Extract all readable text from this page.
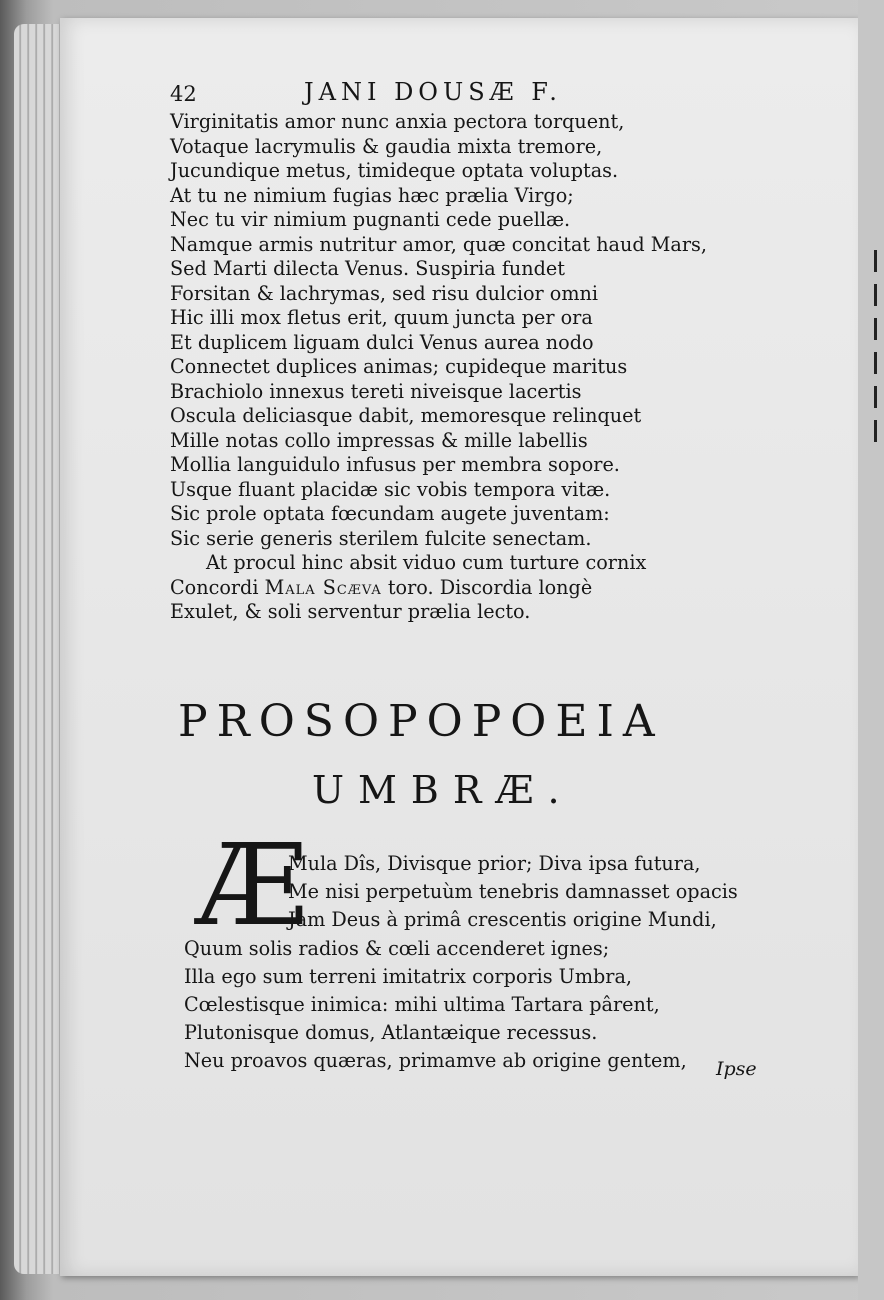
42	JANI DOUSÆ F.
Virginitatis amor nunc anxia pectora torquent,
Votaque lacrymulis & gaudia mixta tremore,
Jucundique metus, timideque optata voluptas.
At tu ne nimium fugias hæc prælia Virgo;
Nec tu vir nimium pugnanti cede puellæ.
Namque armis nutritur amor, quæ concitat haud Mars,
Sed Marti dilecta Venus. Suspiria fundet
Forsitan & lachrymas, sed risu dulcior omni
Hic illi mox fletus erit, quum juncta per ora
Et duplicem liguam dulci Venus aurea nodo
Connectet duplices animas; cupideque maritus
Brachiolo innexus tereti niveisque lacertis
Oscula deliciasque dabit, memoresque relinquet
Mille notas collo impressas & mille labellis
Mollia languidulo infusus per membra sopore.
Usque fluant placidæ sic vobis tempora vitæ.
Sic prole optata fœcundam augete juventam:
Sic serie generis sterilem fulcite senectam.
At procul hinc absit viduo cum turture cornix
Concordi Mala Scæva toro. Discordia longè
Exulet, & soli serventur prælia lecto.
PROSOPOPOEIA
UMBRÆ.
Æ
Mula Dîs, Divisque prior; Diva ipsa futura,
Me nisi perpetuùm tenebris damnasset opacis
Jam Deus à primâ crescentis origine Mundi,
Quum solis radios & cœli accenderet ignes;
Illa ego sum terreni imitatrix corporis Umbra,
Cœlestisque inimica: mihi ultima Tartara pârent,
Plutonisque domus, Atlantæique recessus.
Neu proavos quæras, primamve ab origine gentem,	Ipse
